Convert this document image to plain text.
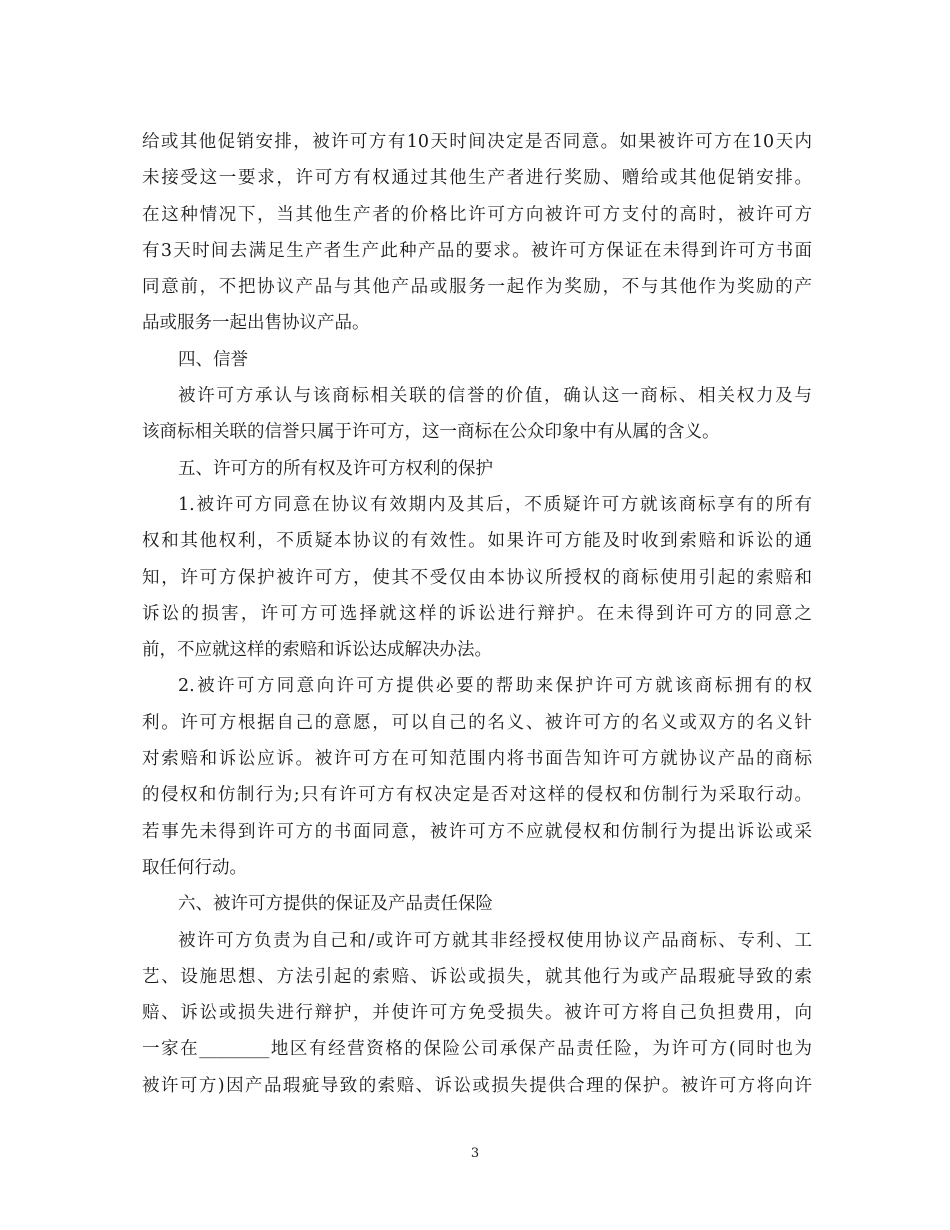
给或其他促销安排，被许可方有10天时间决定是否同意。如果被许可方在10天内
未接受这一要求，许可方有权通过其他生产者进行奖励、赠给或其他促销安排。
在这种情况下，当其他生产者的价格比许可方向被许可方支付的高时，被许可方
有3天时间去满足生产者生产此种产品的要求。被许可方保证在未得到许可方书面
同意前，不把协议产品与其他产品或服务一起作为奖励，不与其他作为奖励的产
品或服务一起出售协议产品。
四、信誉
被许可方承认与该商标相关联的信誉的价值，确认这一商标、相关权力及与
该商标相关联的信誉只属于许可方，这一商标在公众印象中有从属的含义。
五、许可方的所有权及许可方权利的保护
1.被许可方同意在协议有效期内及其后，不质疑许可方就该商标享有的所有
权和其他权利，不质疑本协议的有效性。如果许可方能及时收到索赔和诉讼的通
知，许可方保护被许可方，使其不受仅由本协议所授权的商标使用引起的索赔和
诉讼的损害，许可方可选择就这样的诉讼进行辩护。在未得到许可方的同意之
前，不应就这样的索赔和诉讼达成解决办法。
2.被许可方同意向许可方提供必要的帮助来保护许可方就该商标拥有的权
利。许可方根据自己的意愿，可以自己的名义、被许可方的名义或双方的名义针
对索赔和诉讼应诉。被许可方在可知范围内将书面告知许可方就协议产品的商标
的侵权和仿制行为;只有许可方有权决定是否对这样的侵权和仿制行为采取行动。
若事先未得到许可方的书面同意，被许可方不应就侵权和仿制行为提出诉讼或采
取任何行动。
六、被许可方提供的保证及产品责任保险
被许可方负责为自己和/或许可方就其非经授权使用协议产品商标、专利、工
艺、设施思想、方法引起的索赔、诉讼或损失，就其他行为或产品瑕疵导致的索
赔、诉讼或损失进行辩护，并使许可方免受损失。被许可方将自己负担费用，向
一家在________地区有经营资格的保险公司承保产品责任险，为许可方(同时也为
被许可方)因产品瑕疵导致的索赔、诉讼或损失提供合理的保护。被许可方将向许
3
